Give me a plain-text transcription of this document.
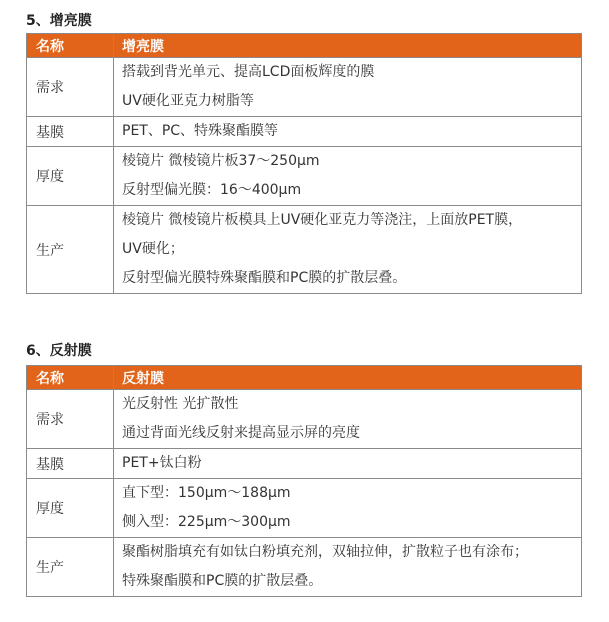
5、增亮膜
名称	增亮膜
需求	搭载到背光单元、提高LCD面板辉度的膜
UV硬化亚克力树脂等

基膜	PET、PC、特殊聚酯膜等

厚度	棱镜片 微棱镜片板37～250μm
反射型偏光膜：16～400μm

生产	棱镜片 微棱镜片板模具上UV硬化亚克力等浇注，上面放PET膜，
UV硬化；
反射型偏光膜特殊聚酯膜和PC膜的扩散层叠。
6、反射膜
名称	反射膜
需求	光反射性 光扩散性
通过背面光线反射来提高显示屏的亮度

基膜	PET+钛白粉

厚度	直下型：150μm～188μm
侧入型：225μm～300μm

生产	聚酯树脂填充有如钛白粉填充剂，双轴拉伸，扩散粒子也有涂布；
特殊聚酯膜和PC膜的扩散层叠。
